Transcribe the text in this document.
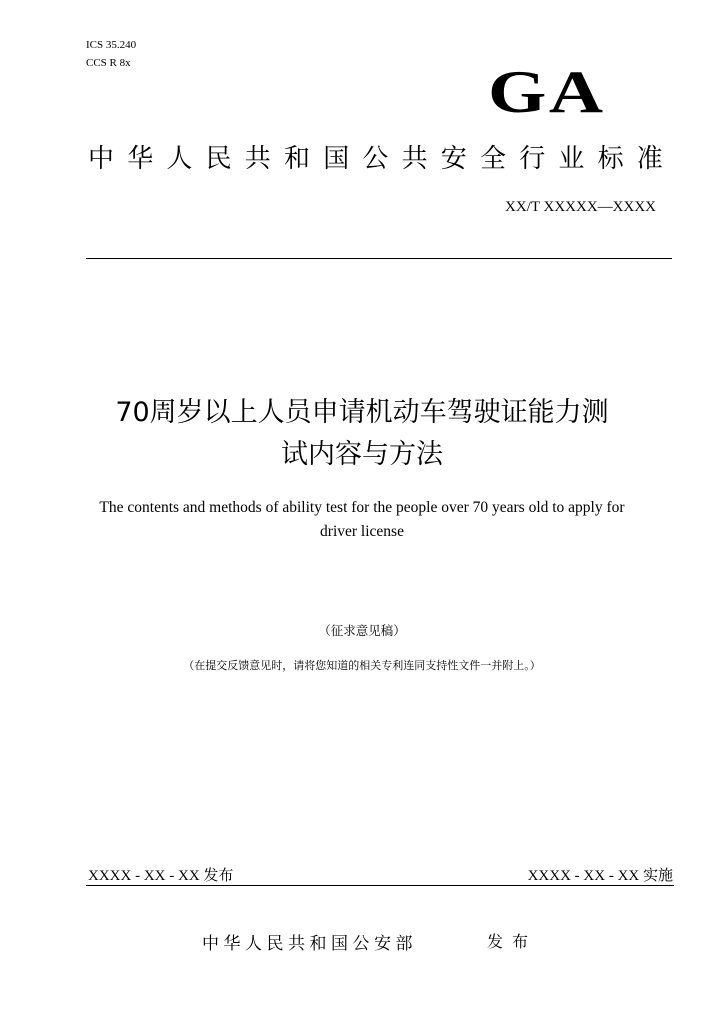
ICS 35.240
CCS R 8x	GA
中华人民共和国公共安全行业标准
XX/T XXXXX—XXXX
70周岁以上人员申请机动车驾驶证能力测
试内容与方法
The contents and methods of ability test for the people over 70 years old to apply for
driver license
（征求意见稿）
（在提交反馈意见时，请将您知道的相关专利连同支持性文件一并附上。）
XXXX - XX - XX 发布	XXXX - XX - XX 实施
中华人民共和国公安部	发布
